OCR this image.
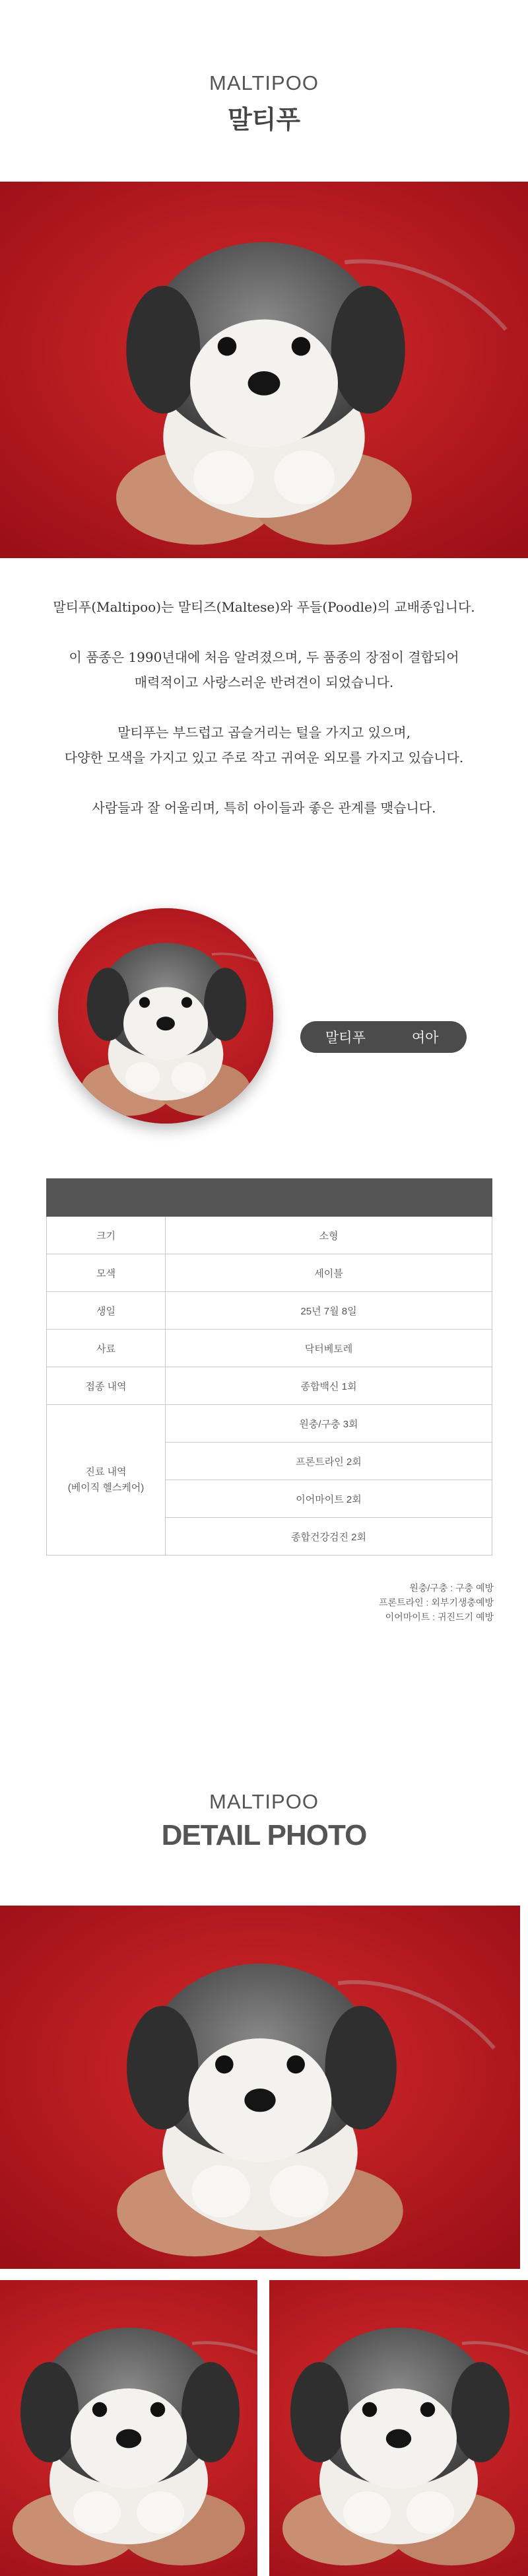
MALTIPOO
말티푸

말티푸(Maltipoo)는 말티즈(Maltese)와 푸들(Poodle)의 교배종입니다.

이 품종은 1990년대에 처음 알려졌으며, 두 품종의 장점이 결합되어
매력적이고 사랑스러운 반려견이 되었습니다.

말티푸는 부드럽고 곱슬거리는 털을 가지고 있으며,
다양한 모색을 가지고 있고 주로 작고 귀여운 외모를 가지고 있습니다.

사람들과 잘 어울리며, 특히 아이들과 좋은 관계를 맺습니다.

말티푸	여아

크기	소형
모색	세이블
생일	25년 7월 8일
사료	닥터베토레
접종 내역	종합백신 1회
진료 내역
(베이직 헬스케어)	원충/구충 3회
	프론트라인 2회
	이어마이트 2회
	종합건강검진 2회
원충/구충 : 구충 예방
프론트라인 : 외부기생충예방
이어마이트 : 귀진드기 예방
MALTIPOO
DETAIL PHOTO
